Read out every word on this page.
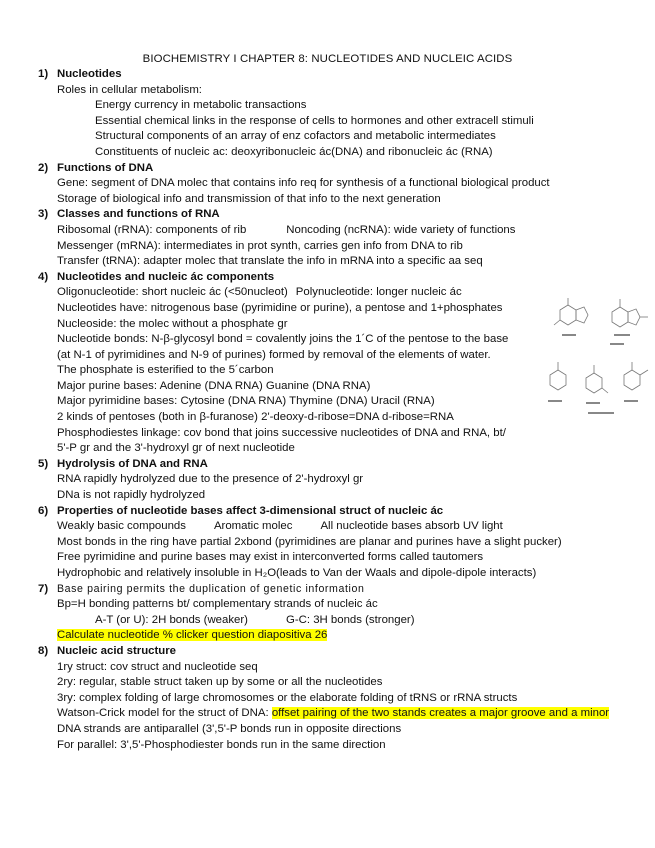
BIOCHEMISTRY I CHAPTER 8: NUCLEOTIDES AND NUCLEIC ACIDS
1) Nucleotides
Roles in cellular metabolism:
Energy currency in metabolic transactions
Essential chemical links in the response of cells to hormones and other extracell stimuli
Structural components of an array of enz cofactors and metabolic intermediates
Constituents of nucleic ac: deoxyribonucleic ác(DNA) and ribonucleic ác (RNA)
2) Functions of DNA
Gene: segment of DNA molec that contains info req for synthesis of a functional biological product
Storage of biological info and transmission of that info to the next generation
3) Classes and functions of RNA
Ribosomal (rRNA): components of rib	Noncoding (ncRNA): wide variety of functions
Messenger (mRNA): intermediates in prot synth, carries gen info from DNA to rib
Transfer (tRNA): adapter molec that translate the info in mRNA into a specific aa seq
4) Nucleotides and nucleic ác components
Oligonucleotide: short nucleic ác (<50nucleot) Polynucleotide: longer nucleic ác
Nucleotides have: nitrogenous base (pyrimidine or purine), a pentose and 1+phosphates
Nucleoside: the molec without a phosphate gr
Nucleotide bonds: N-β-glycosyl bond = covalently joins the 1´C of the pentose to the base
(at N-1 of pyrimidines and N-9 of purines) formed by removal of the elements of water.
The phosphate is esterified to the 5´carbon
Major purine bases: Adenine (DNA RNA) Guanine (DNA RNA)
Major pyrimidine bases: Cytosine (DNA RNA) Thymine (DNA) Uracil (RNA)
2 kinds of pentoses (both in β-furanose) 2'-deoxy-d-ribose=DNA d-ribose=RNA
Phosphodiestes linkage: cov bond that joins successive nucleotides of DNA and RNA, bt/
5'-P gr and the 3'-hydroxyl gr of next nucleotide
5) Hydrolysis of DNA and RNA
RNA rapidly hydrolyzed due to the presence of 2'-hydroxyl gr
DNa is not rapidly hydrolyzed
6) Properties of nucleotide bases affect 3-dimensional struct of nucleic ác
Weakly basic compounds Aromatic molec All nucleotide bases absorb UV light
Most bonds in the ring have partial 2xbond (pyrimidines are planar and purines have a slight pucker)
Free pyrimidine and purine bases may exist in interconverted forms called tautomers
Hydrophobic and relatively insoluble in H₂O(leads to Van der Waals and dipole-dipole interacts)
7) Base pairing permits the duplication of genetic information
Bp=H bonding patterns bt/ complementary strands of nucleic ác
A-T (or U): 2H bonds (weaker)	G-C: 3H bonds (stronger)
Calculate nucleotide % clicker question diapositiva 26
8) Nucleic acid structure
1ry struct: cov struct and nucleotide seq
2ry: regular, stable struct taken up by some or all the nucleotides
3ry: complex folding of large chromosomes or the elaborate folding of tRNS or rRNA structs
Watson-Crick model for the struct of DNA: offset pairing of the two stands creates a major groove and a minor
DNA strands are antiparallel (3',5'-P bonds run in opposite directions
For parallel: 3',5'-Phosphodiester bonds run in the same direction
